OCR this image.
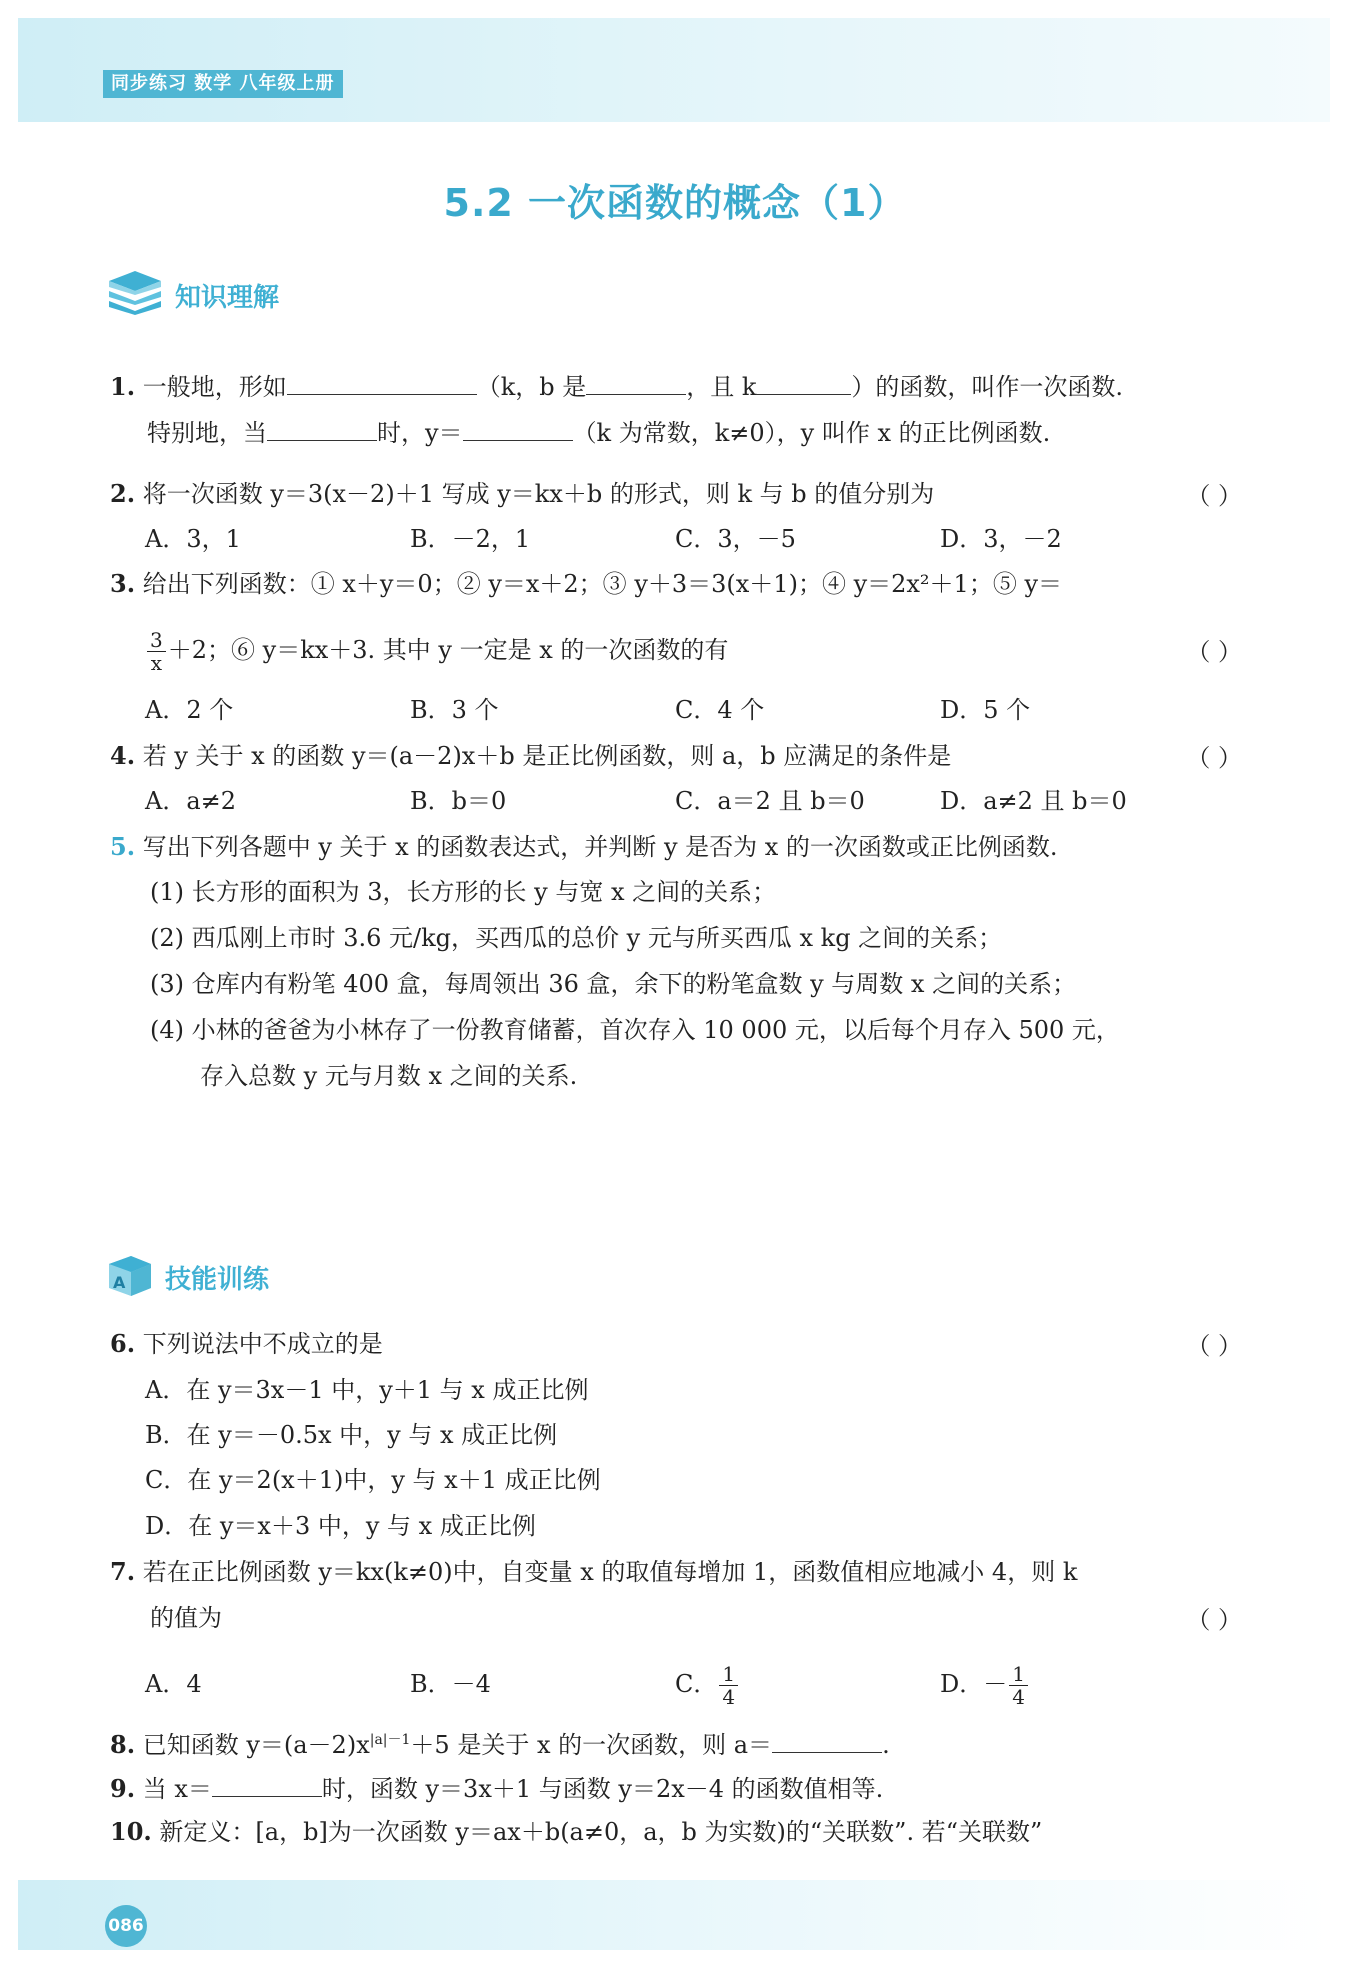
同步练习 数学 八年级上册
5.2 一次函数的概念（1）
知识理解
1. 一般地，形如	（k，b 是	，且 k	）的函数，叫作一次函数.
特别地，当	时，y＝	（k 为常数，k≠0），y 叫作 x 的正比例函数.
2. 将一次函数 y＝3(x－2)＋1 写成 y＝kx＋b 的形式，则 k 与 b 的值分别为	（ ）
A．3，1	B．－2，1	C．3，－5	D．3，－2
3. 给出下列函数：① x＋y＝0；② y＝x＋2；③ y＋3＝3(x＋1)；④ y＝2x²＋1；⑤ y＝
$\frac{3}{x} +2$；⑥ y＝kx＋3. 其中 y 一定是 x 的一次函数的有	（ ）
A．2 个	B．3 个	C．4 个	D．5 个
4. 若 y 关于 x 的函数 y＝(a－2)x＋b 是正比例函数，则 a，b 应满足的条件是	（ ）
A．a≠2	B．b＝0	C．a＝2 且 b＝0	D．a≠2 且 b＝0
5. 写出下列各题中 y 关于 x 的函数表达式，并判断 y 是否为 x 的一次函数或正比例函数.
(1) 长方形的面积为 3，长方形的长 y 与宽 x 之间的关系；
(2) 西瓜刚上市时 3.6 元/kg，买西瓜的总价 y 元与所买西瓜 x kg 之间的关系；
(3) 仓库内有粉笔 400 盒，每周领出 36 盒，余下的粉笔盒数 y 与周数 x 之间的关系；
(4) 小林的爸爸为小林存了一份教育储蓄，首次存入 10 000 元，以后每个月存入 500 元，
存入总数 y 元与月数 x 之间的关系.
A 技能训练
6. 下列说法中不成立的是	（ ）
A．在 y＝3x－1 中，y＋1 与 x 成正比例
B．在 y＝－0.5x 中，y 与 x 成正比例
C．在 y＝2(x＋1)中，y 与 x＋1 成正比例
D．在 y＝x＋3 中，y 与 x 成正比例
7. 若在正比例函数 y＝kx(k≠0)中，自变量 x 的取值每增加 1，函数值相应地减小 4，则 k
的值为	（ ）
A．4	B．－4	C． $\frac{1}{4}$	D．－ $\frac{1}{4}$
8. 已知函数 $y=(a-2)x^{|a|-1}+5$ 是关于 x 的一次函数，则 a＝	.
9. 当 x＝	时，函数 y＝3x＋1 与函数 y＝2x－4 的函数值相等.
10. 新定义：[a，b]为一次函数 y＝ax＋b(a≠0，a，b 为实数)的“关联数”. 若“关联数”
086
